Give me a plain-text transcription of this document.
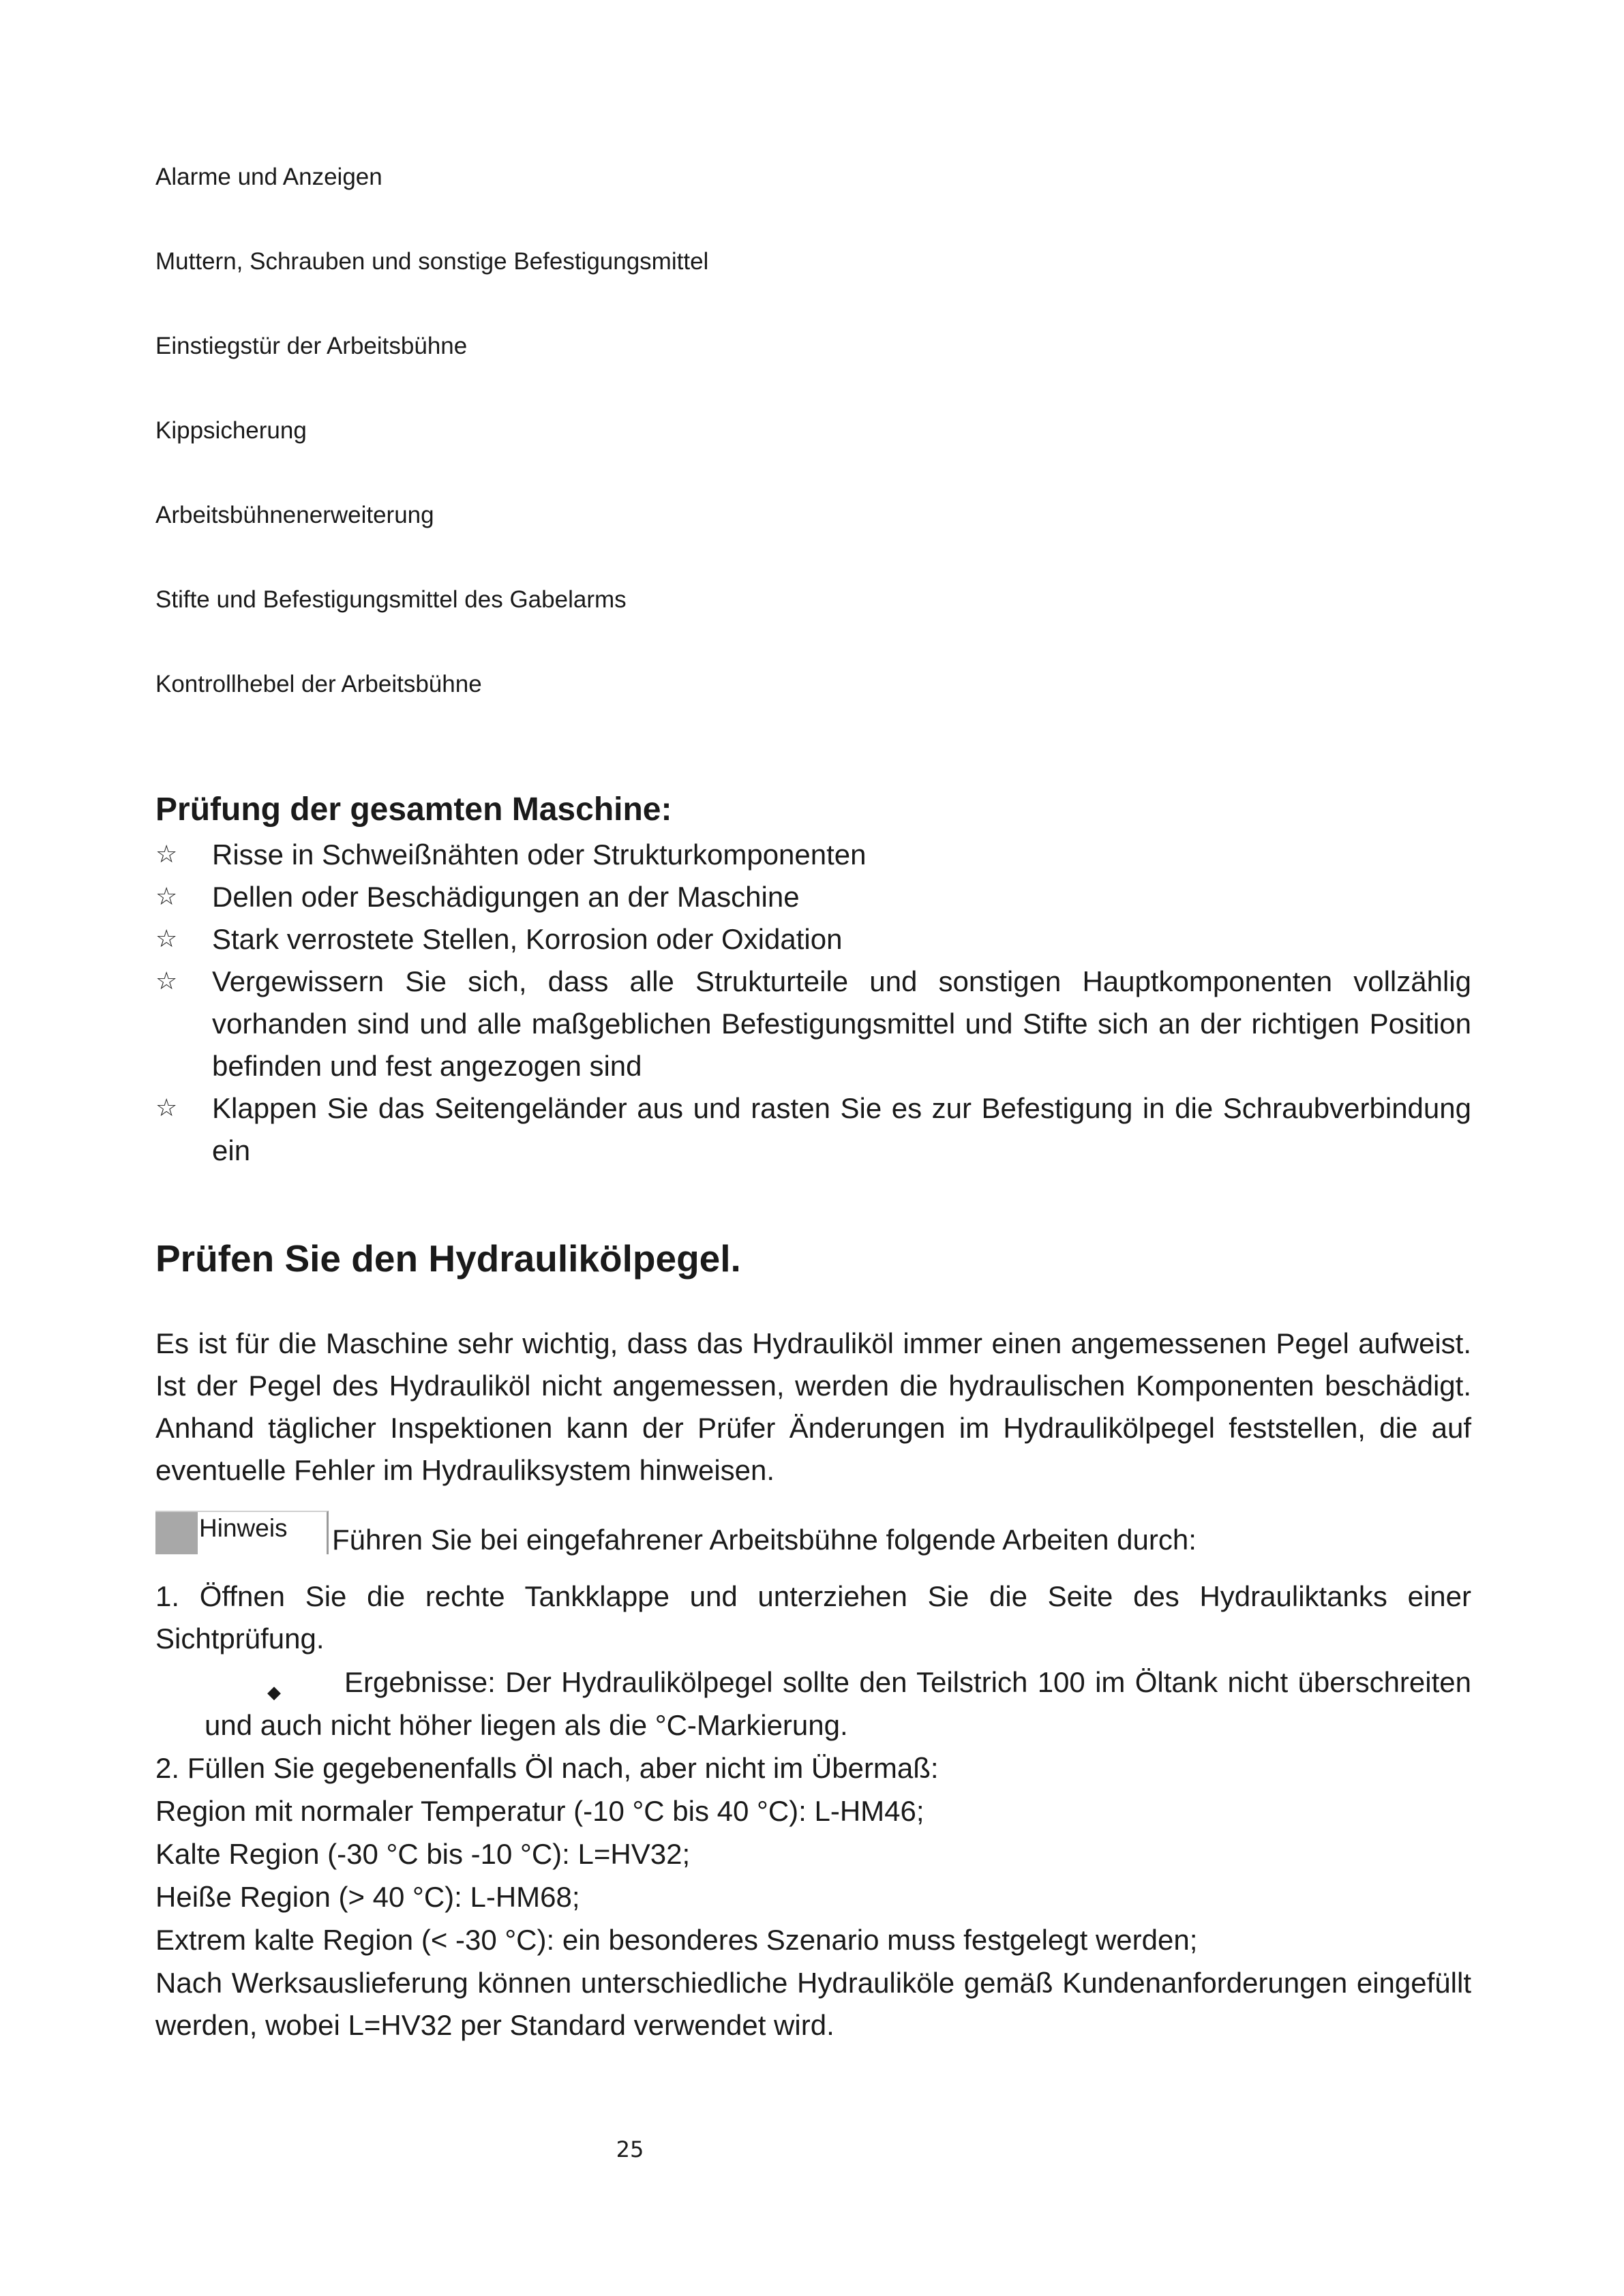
Alarme und Anzeigen
Muttern, Schrauben und sonstige Befestigungsmittel
Einstiegstür der Arbeitsbühne
Kippsicherung
Arbeitsbühnenerweiterung
Stifte und Befestigungsmittel des Gabelarms
Kontrollhebel der Arbeitsbühne
Prüfung der gesamten Maschine:
☆ Risse in Schweißnähten oder Strukturkomponenten
☆ Dellen oder Beschädigungen an der Maschine
☆ Stark verrostete Stellen, Korrosion oder Oxidation
☆ Vergewissern Sie sich, dass alle Strukturteile und sonstigen Hauptkomponenten vollzählig vorhanden sind und alle maßgeblichen Befestigungsmittel und Stifte sich an der richtigen Position befinden und fest angezogen sind
☆ Klappen Sie das Seitengeländer aus und rasten Sie es zur Befestigung in die Schraubverbindung ein
Prüfen Sie den Hydraulikölpegel.

Es ist für die Maschine sehr wichtig, dass das Hydrauliköl immer einen angemessenen Pegel aufweist. Ist der Pegel des Hydrauliköl nicht angemessen, werden die hydraulischen Komponenten beschädigt. Anhand täglicher Inspektionen kann der Prüfer Änderungen im Hydraulikölpegel feststellen, die auf eventuelle Fehler im Hydrauliksystem hinweisen.

Hinweis Führen Sie bei eingefahrener Arbeitsbühne folgende Arbeiten durch:

1. Öffnen Sie die rechte Tankklappe und unterziehen Sie die Seite des Hydrauliktanks einer Sichtprüfung.

◆ Ergebnisse: Der Hydraulikölpegel sollte den Teilstrich 100 im Öltank nicht überschreiten
und auch nicht höher liegen als die °C-Markierung.
2. Füllen Sie gegebenenfalls Öl nach, aber nicht im Übermaß:
Region mit normaler Temperatur (-10 °C bis 40 °C): L-HM46;
Kalte Region (-30 °C bis -10 °C): L=HV32;
Heiße Region (> 40 °C): L-HM68;
Extrem kalte Region (< -30 °C): ein besonderes Szenario muss festgelegt werden;

Nach Werksauslieferung können unterschiedliche Hydrauliköle gemäß Kundenanforderungen eingefüllt werden, wobei L=HV32 per Standard verwendet wird.

25
